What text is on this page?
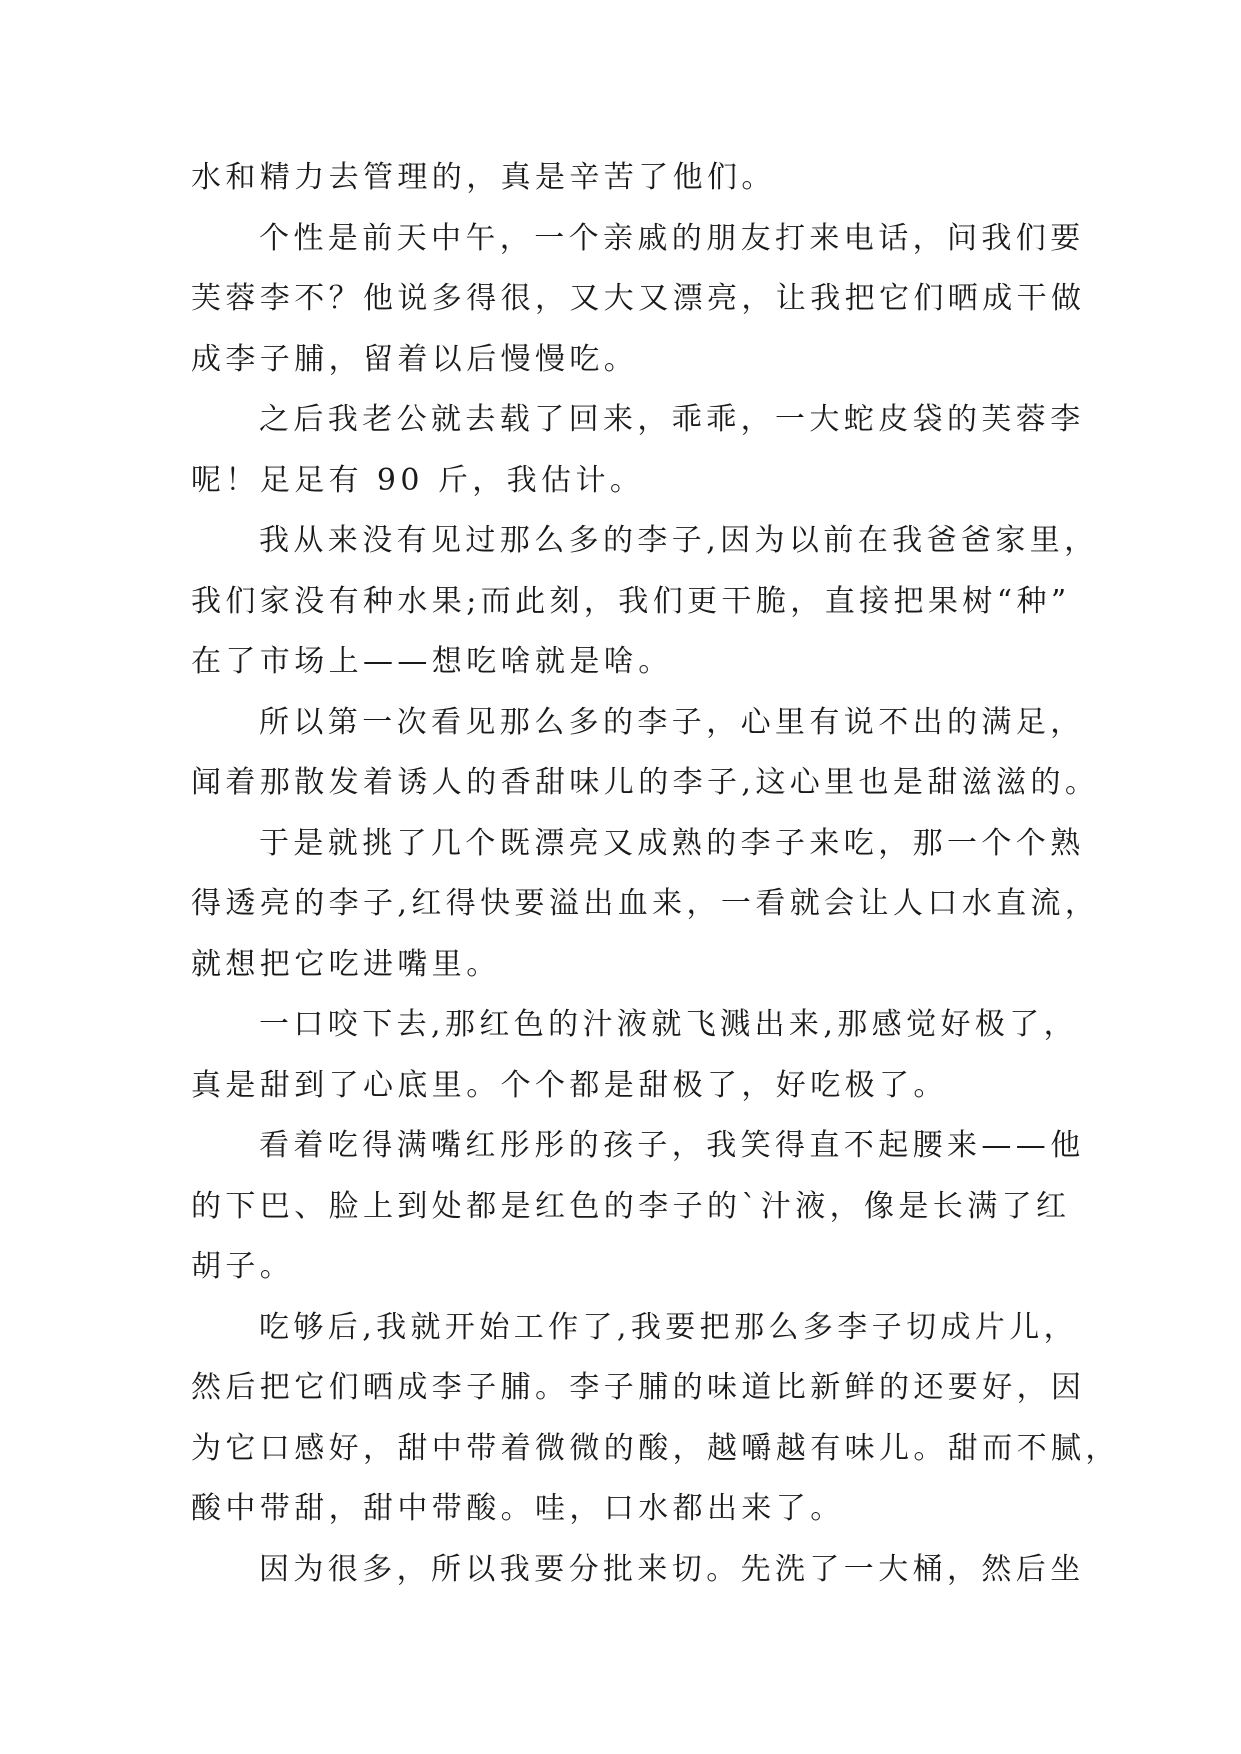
水和精力去管理的，真是辛苦了他们。
个性是前天中午，一个亲戚的朋友打来电话，问我们要
芙蓉李不？他说多得很，又大又漂亮，让我把它们晒成干做
成李子脯，留着以后慢慢吃。
之后我老公就去载了回来，乖乖，一大蛇皮袋的芙蓉李
呢！足足有 90 斤，我估计。
我从来没有见过那么多的李子,因为以前在我爸爸家里，
我们家没有种水果;而此刻，我们更干脆，直接把果树“种”
在了市场上——想吃啥就是啥。
所以第一次看见那么多的李子，心里有说不出的满足，
闻着那散发着诱人的香甜味儿的李子,这心里也是甜滋滋的。
于是就挑了几个既漂亮又成熟的李子来吃，那一个个熟
得透亮的李子,红得快要溢出血来，一看就会让人口水直流，
就想把它吃进嘴里。
一口咬下去,那红色的汁液就飞溅出来,那感觉好极了，
真是甜到了心底里。个个都是甜极了，好吃极了。
看着吃得满嘴红彤彤的孩子，我笑得直不起腰来——他
的下巴、脸上到处都是红色的李子的`汁液，像是长满了红
胡子。
吃够后,我就开始工作了,我要把那么多李子切成片儿，
然后把它们晒成李子脯。李子脯的味道比新鲜的还要好，因
为它口感好，甜中带着微微的酸，越嚼越有味儿。甜而不腻，
酸中带甜，甜中带酸。哇，口水都出来了。
因为很多，所以我要分批来切。先洗了一大桶，然后坐
